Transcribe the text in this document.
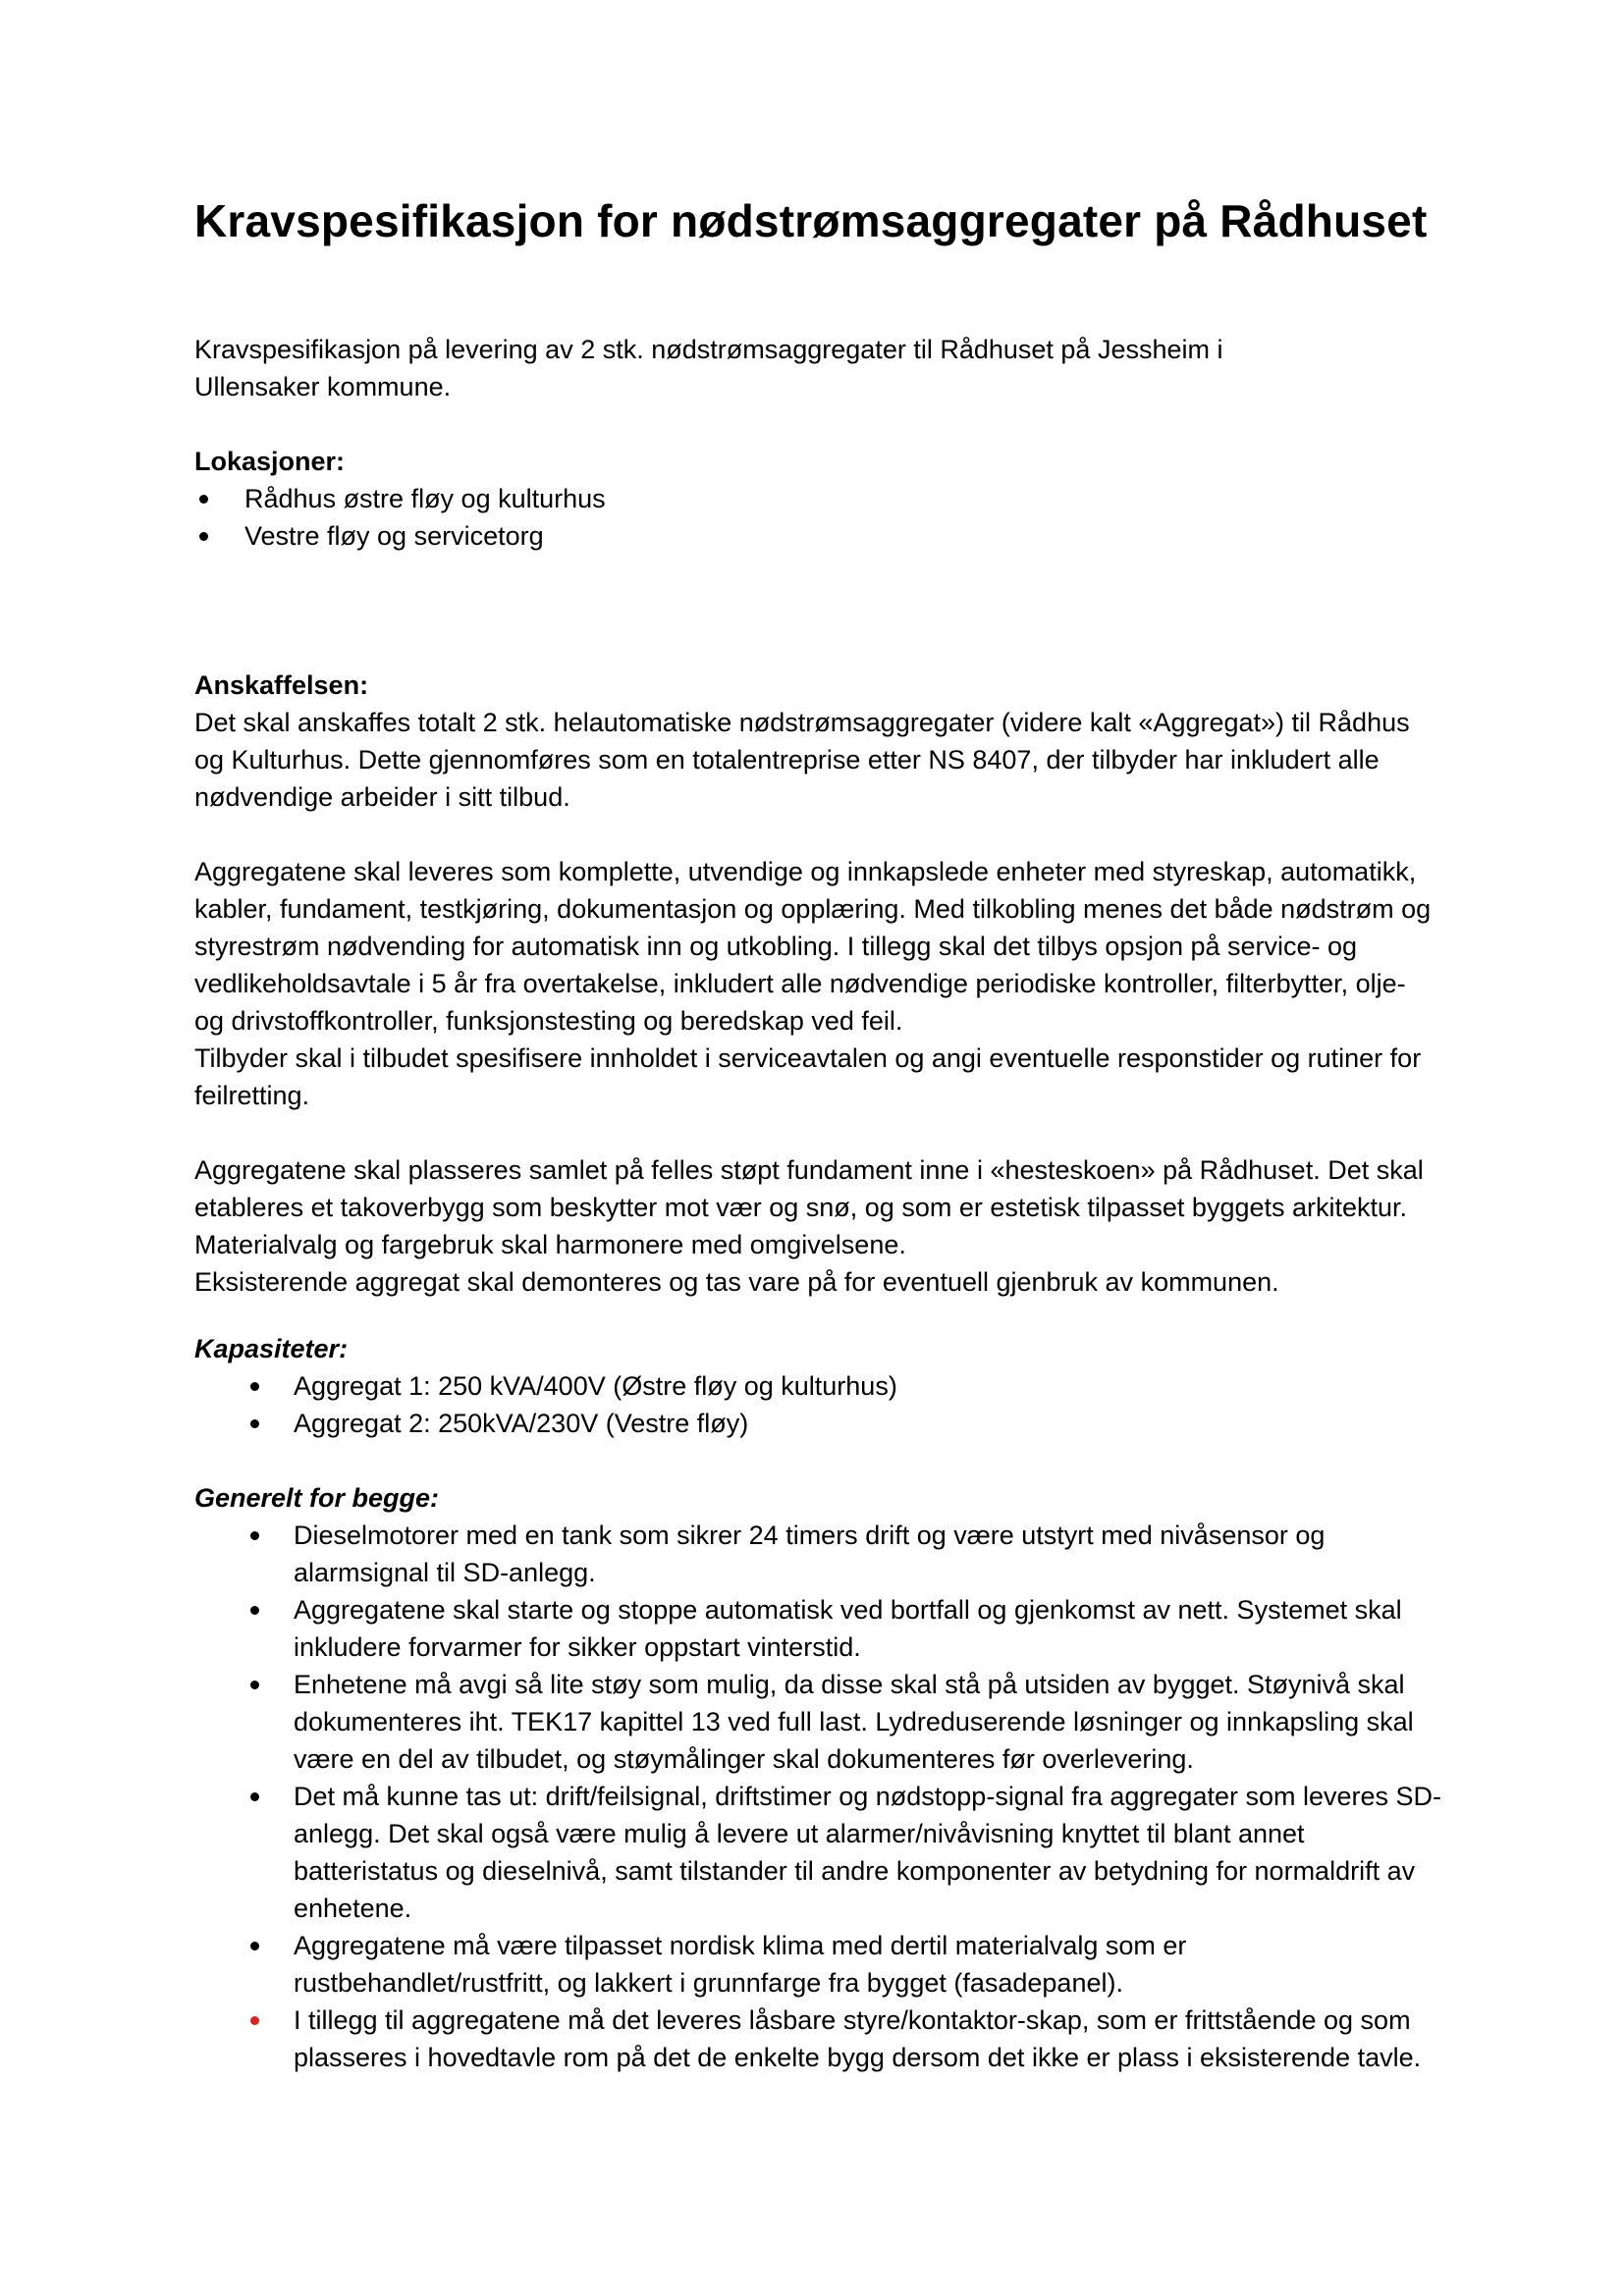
Kravspesifikasjon for nødstrømsaggregater på Rådhuset

Kravspesifikasjon på levering av 2 stk. nødstrømsaggregater til Rådhuset på Jessheim i Ullensaker kommune.

Lokasjoner:

Rådhus østre fløy og kulturhus
Vestre fløy og servicetorg

Anskaffelsen:

Det skal anskaffes totalt 2 stk. helautomatiske nødstrømsaggregater (videre kalt «Aggregat») til Rådhus og Kulturhus. Dette gjennomføres som en totalentreprise etter NS 8407, der tilbyder har inkludert alle nødvendige arbeider i sitt tilbud.

Aggregatene skal leveres som komplette, utvendige og innkapslede enheter med styreskap, automatikk, kabler, fundament, testkjøring, dokumentasjon og opplæring. Med tilkobling menes det både nødstrøm og styrestrøm nødvending for automatisk inn og utkobling. I tillegg skal det tilbys opsjon på service- og vedlikeholdsavtale i 5 år fra overtakelse, inkludert alle nødvendige periodiske kontroller, filterbytter, olje- og drivstoffkontroller, funksjonstesting og beredskap ved feil.

Tilbyder skal i tilbudet spesifisere innholdet i serviceavtalen og angi eventuelle responstider og rutiner for feilretting.

Aggregatene skal plasseres samlet på felles støpt fundament inne i «hesteskoen» på Rådhuset. Det skal etableres et takoverbygg som beskytter mot vær og snø, og som er estetisk tilpasset byggets arkitektur. Materialvalg og fargebruk skal harmonere med omgivelsene.

Eksisterende aggregat skal demonteres og tas vare på for eventuell gjenbruk av kommunen.

Kapasiteter:

Aggregat 1: 250 kVA/400V (Østre fløy og kulturhus)
Aggregat 2: 250kVA/230V (Vestre fløy)

Generelt for begge:

Dieselmotorer med en tank som sikrer 24 timers drift og være utstyrt med nivåsensor og alarmsignal til SD-anlegg.
Aggregatene skal starte og stoppe automatisk ved bortfall og gjenkomst av nett. Systemet skal inkludere forvarmer for sikker oppstart vinterstid.
Enhetene må avgi så lite støy som mulig, da disse skal stå på utsiden av bygget. Støynivå skal dokumenteres iht. TEK17 kapittel 13 ved full last. Lydreduserende løsninger og innkapsling skal være en del av tilbudet, og støymålinger skal dokumenteres før overlevering.
Det må kunne tas ut: drift/feilsignal, driftstimer og nødstopp-signal fra aggregater som leveres SD-anlegg. Det skal også være mulig å levere ut alarmer/nivåvisning knyttet til blant annet batteristatus og dieselnivå, samt tilstander til andre komponenter av betydning for normaldrift av enhetene.
Aggregatene må være tilpasset nordisk klima med dertil materialvalg som er rustbehandlet/rustfritt, og lakkert i grunnfarge fra bygget (fasadepanel).
I tillegg til aggregatene må det leveres låsbare styre/kontaktor-skap, som er frittstående og som plasseres i hovedtavle rom på det de enkelte bygg dersom det ikke er plass i eksisterende tavle.
